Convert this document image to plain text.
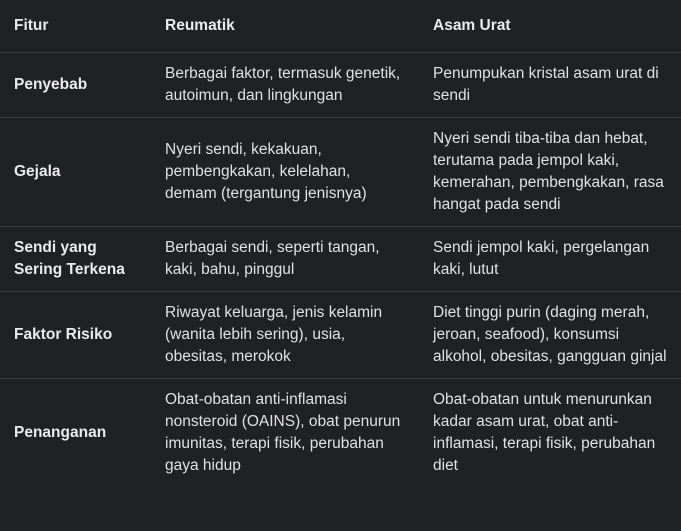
Fitur	Reumatik	Asam Urat
Penyebab	Berbagai faktor, termasuk genetik, autoimun, dan lingkungan	Penumpukan kristal asam urat di sendi
Gejala	Nyeri sendi, kekakuan, pembengkakan, kelelahan, demam (tergantung jenisnya)	Nyeri sendi tiba-tiba dan hebat, terutama pada jempol kaki, kemerahan, pembengkakan, rasa hangat pada sendi
Sendi yang Sering Terkena	Berbagai sendi, seperti tangan, kaki, bahu, pinggul	Sendi jempol kaki, pergelangan kaki, lutut
Faktor Risiko	Riwayat keluarga, jenis kelamin (wanita lebih sering), usia, obesitas, merokok	Diet tinggi purin (daging merah, jeroan, seafood), konsumsi alkohol, obesitas, gangguan ginjal
Penanganan	Obat-obatan anti-inflamasi nonsteroid (OAINS), obat penurun imunitas, terapi fisik, perubahan gaya hidup	Obat-obatan untuk menurunkan kadar asam urat, obat anti-inflamasi, terapi fisik, perubahan diet
